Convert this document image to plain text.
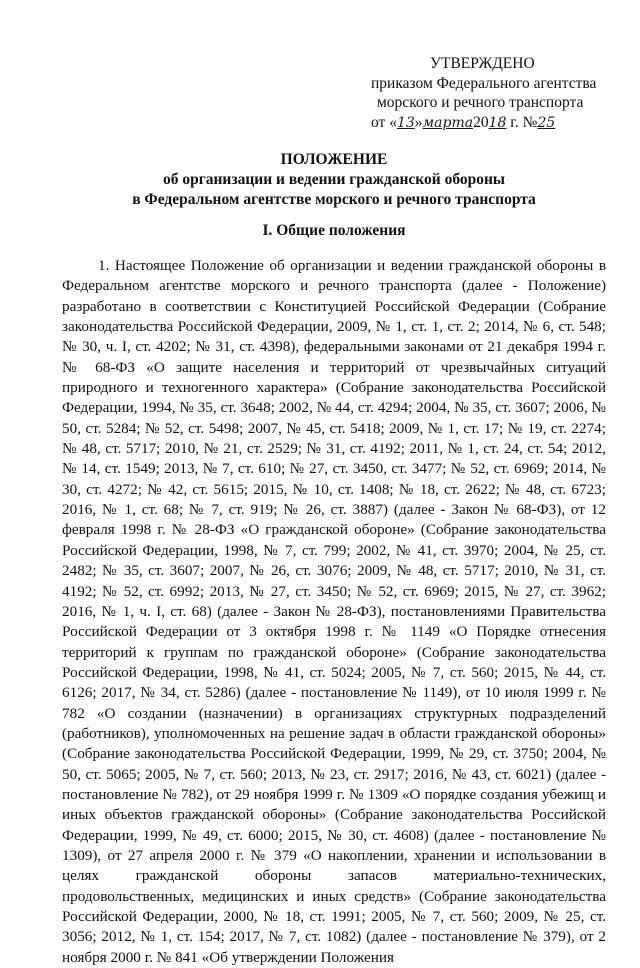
УТВЕРЖДЕНО
приказом Федерального агентства
морского и речного транспорта
от «13»марта2018 г. №25
ПОЛОЖЕНИЕ
об организации и ведении гражданской обороны
в Федеральном агентстве морского и речного транспорта
I. Общие положения

1. Настоящее Положение об организации и ведении гражданской обороны в Федеральном агентстве морского и речного транспорта (далее - Положение) разработано в соответствии с Конституцией Российской Федерации (Собрание законодательства Российской Федерации, 2009, № 1, ст. 1, ст. 2; 2014, № 6, ст. 548; № 30, ч. I, ст. 4202; № 31, ст. 4398), федеральными законами от 21 декабря 1994 г. № 68-ФЗ «О защите населения и территорий от чрезвычайных ситуаций природного и техногенного характера» (Собрание законодательства Российской Федерации, 1994, № 35, ст. 3648; 2002, № 44, ст. 4294; 2004, № 35, ст. 3607; 2006, № 50, ст. 5284; № 52, ст. 5498; 2007, № 45, ст. 5418; 2009, № 1, ст. 17; № 19, ст. 2274; № 48, ст. 5717; 2010, № 21, ст. 2529; № 31, ст. 4192; 2011, № 1, ст. 24, ст. 54; 2012, № 14, ст. 1549; 2013, № 7, ст. 610; № 27, ст. 3450, ст. 3477; № 52, ст. 6969; 2014, № 30, ст. 4272; № 42, ст. 5615; 2015, № 10, ст. 1408; № 18, ст. 2622; № 48, ст. 6723; 2016, № 1, ст. 68; № 7, ст. 919; № 26, ст. 3887) (далее - Закон № 68-ФЗ), от 12 февраля 1998 г. № 28-ФЗ «О гражданской обороне» (Собрание законодательства Российской Федерации, 1998, № 7, ст. 799; 2002, № 41, ст. 3970; 2004, № 25, ст. 2482; № 35, ст. 3607; 2007, № 26, ст. 3076; 2009, № 48, ст. 5717; 2010, № 31, ст. 4192; № 52, ст. 6992; 2013, № 27, ст. 3450; № 52, ст. 6969; 2015, № 27, ст. 3962; 2016, № 1, ч. I, ст. 68) (далее - Закон № 28-ФЗ), постановлениями Правительства Российской Федерации от 3 октября 1998 г. № 1149 «О Порядке отнесения территорий к группам по гражданской обороне» (Собрание законодательства Российской Федерации, 1998, № 41, ст. 5024; 2005, № 7, ст. 560; 2015, № 44, ст. 6126; 2017, № 34, ст. 5286) (далее - постановление № 1149), от 10 июля 1999 г. № 782 «О создании (назначении) в организациях структурных подразделений (работников), уполномоченных на решение задач в области гражданской обороны» (Собрание законодательства Российской Федерации, 1999, № 29, ст. 3750; 2004, № 50, ст. 5065; 2005, № 7, ст. 560; 2013, № 23, ст. 2917; 2016, № 43, ст. 6021) (далее - постановление № 782), от 29 ноября 1999 г. № 1309 «О порядке создания убежищ и иных объектов гражданской обороны» (Собрание законодательства Российской Федерации, 1999, № 49, ст. 6000; 2015, № 30, ст. 4608) (далее - постановление № 1309), от 27 апреля 2000 г. № 379 «О накоплении, хранении и использовании в целях гражданской обороны запасов материально-технических, продовольственных, медицинских и иных средств» (Собрание законодательства Российской Федерации, 2000, № 18, ст. 1991; 2005, № 7, ст. 560; 2009, № 25, ст. 3056; 2012, № 1, ст. 154; 2017, № 7, ст. 1082) (далее - постановление № 379), от 2 ноября 2000 г. № 841 «Об утверждении Положения
